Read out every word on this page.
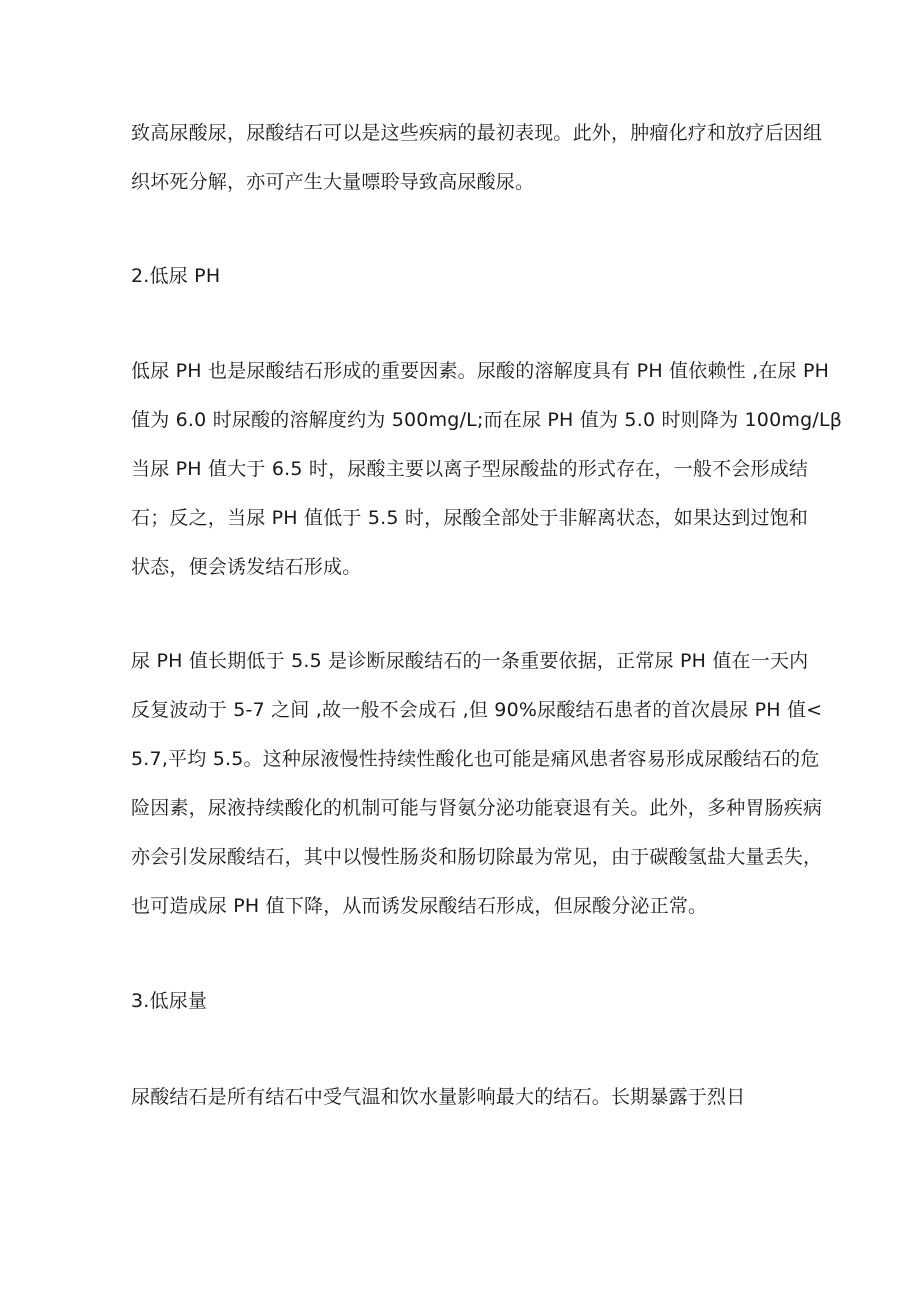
致高尿酸尿，尿酸结石可以是这些疾病的最初表现。此外，肿瘤化疗和放疗后因组
织坏死分解，亦可产生大量嘌聆导致高尿酸尿。
2.低尿 PH
低尿 PH 也是尿酸结石形成的重要因素。尿酸的溶解度具有 PH 值依赖性 ,在尿 PH
值为 6.0 时尿酸的溶解度约为 500mg∕L;而在尿 PH 值为 5.0 时则降为 100mg∕Lβ
当尿 PH 值大于 6.5 时，尿酸主要以离子型尿酸盐的形式存在，一般不会形成结
石；反之，当尿 PH 值低于 5.5 时，尿酸全部处于非解离状态，如果达到过饱和
状态，便会诱发结石形成。
尿 PH 值长期低于 5.5 是诊断尿酸结石的一条重要依据，正常尿 PH 值在一天内
反复波动于 5-7 之间 ,故一般不会成石 ,但 90%尿酸结石患者的首次晨尿 PH 值<
5.7,平均 5.5。这种尿液慢性持续性酸化也可能是痛风患者容易形成尿酸结石的危
险因素，尿液持续酸化的机制可能与肾氨分泌功能衰退有关。此外，多种胃肠疾病
亦会引发尿酸结石，其中以慢性肠炎和肠切除最为常见，由于碳酸氢盐大量丢失，
也可造成尿 PH 值下降，从而诱发尿酸结石形成，但尿酸分泌正常。
3.低尿量
尿酸结石是所有结石中受气温和饮水量影响最大的结石。长期暴露于烈日
